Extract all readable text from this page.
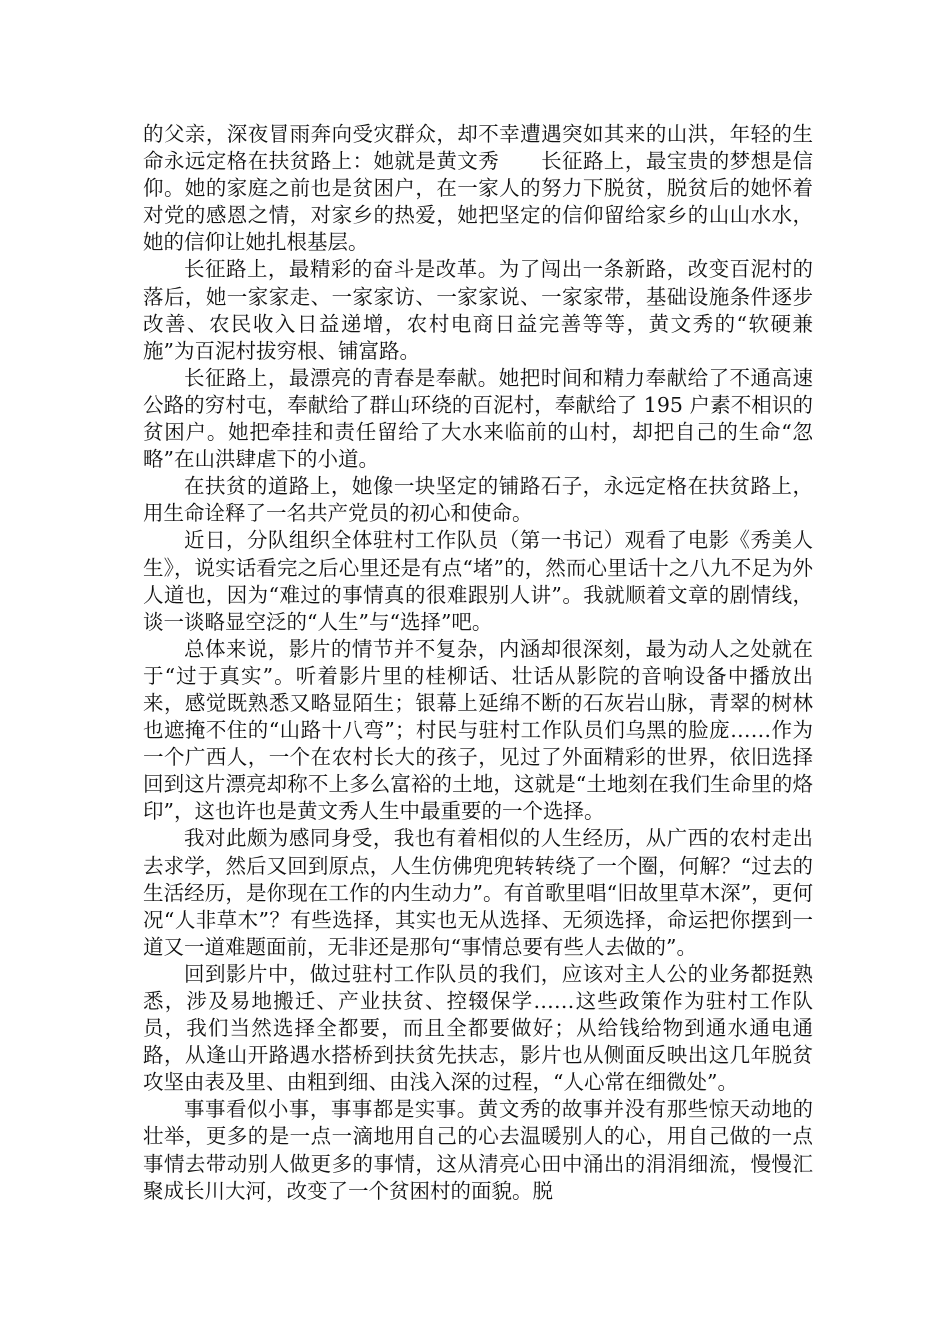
的父亲，深夜冒雨奔向受灾群众，却不幸遭遇突如其来的山洪，年轻的生命永远定格在扶贫路上：她就是黄文秀　　长征路上，最宝贵的梦想是信仰。她的家庭之前也是贫困户，在一家人的努力下脱贫，脱贫后的她怀着对党的感恩之情，对家乡的热爱，她把坚定的信仰留给家乡的山山水水，她的信仰让她扎根基层。

长征路上，最精彩的奋斗是改革。为了闯出一条新路，改变百泥村的落后，她一家家走、一家家访、一家家说、一家家带，基础设施条件逐步改善、农民收入日益递增，农村电商日益完善等等，黄文秀的“软硬兼施”为百泥村拔穷根、铺富路。

长征路上，最漂亮的青春是奉献。她把时间和精力奉献给了不通高速公路的穷村屯，奉献给了群山环绕的百泥村，奉献给了 195 户素不相识的贫困户。她把牵挂和责任留给了大水来临前的山村，却把自己的生命“忽略”在山洪肆虐下的小道。

在扶贫的道路上，她像一块坚定的铺路石子，永远定格在扶贫路上，用生命诠释了一名共产党员的初心和使命。

近日，分队组织全体驻村工作队员（第一书记）观看了电影《秀美人生》，说实话看完之后心里还是有点“堵”的，然而心里话十之八九不足为外人道也，因为“难过的事情真的很难跟别人讲”。我就顺着文章的剧情线，谈一谈略显空泛的“人生”与“选择”吧。

总体来说，影片的情节并不复杂，内涵却很深刻，最为动人之处就在于“过于真实”。听着影片里的桂柳话、壮话从影院的音响设备中播放出来，感觉既熟悉又略显陌生；银幕上延绵不断的石灰岩山脉，青翠的树林也遮掩不住的“山路十八弯”；村民与驻村工作队员们乌黑的脸庞……作为一个广西人，一个在农村长大的孩子，见过了外面精彩的世界，依旧选择回到这片漂亮却称不上多么富裕的土地，这就是“土地刻在我们生命里的烙印”，这也许也是黄文秀人生中最重要的一个选择。

我对此颇为感同身受，我也有着相似的人生经历，从广西的农村走出去求学，然后又回到原点，人生仿佛兜兜转转绕了一个圈，何解？“过去的生活经历，是你现在工作的内生动力”。有首歌里唱“旧故里草木深”，更何况“人非草木”？有些选择，其实也无从选择、无须选择，命运把你摆到一道又一道难题面前，无非还是那句“事情总要有些人去做的”。

回到影片中，做过驻村工作队员的我们，应该对主人公的业务都挺熟悉，涉及易地搬迁、产业扶贫、控辍保学……这些政策作为驻村工作队员，我们当然选择全都要，而且全都要做好；从给钱给物到通水通电通路，从逢山开路遇水搭桥到扶贫先扶志，影片也从侧面反映出这几年脱贫攻坚由表及里、由粗到细、由浅入深的过程，“人心常在细微处”。

事事看似小事，事事都是实事。黄文秀的故事并没有那些惊天动地的壮举，更多的是一点一滴地用自己的心去温暖别人的心，用自己做的一点事情去带动别人做更多的事情，这从清亮心田中涌出的涓涓细流，慢慢汇聚成长川大河，改变了一个贫困村的面貌。脱
